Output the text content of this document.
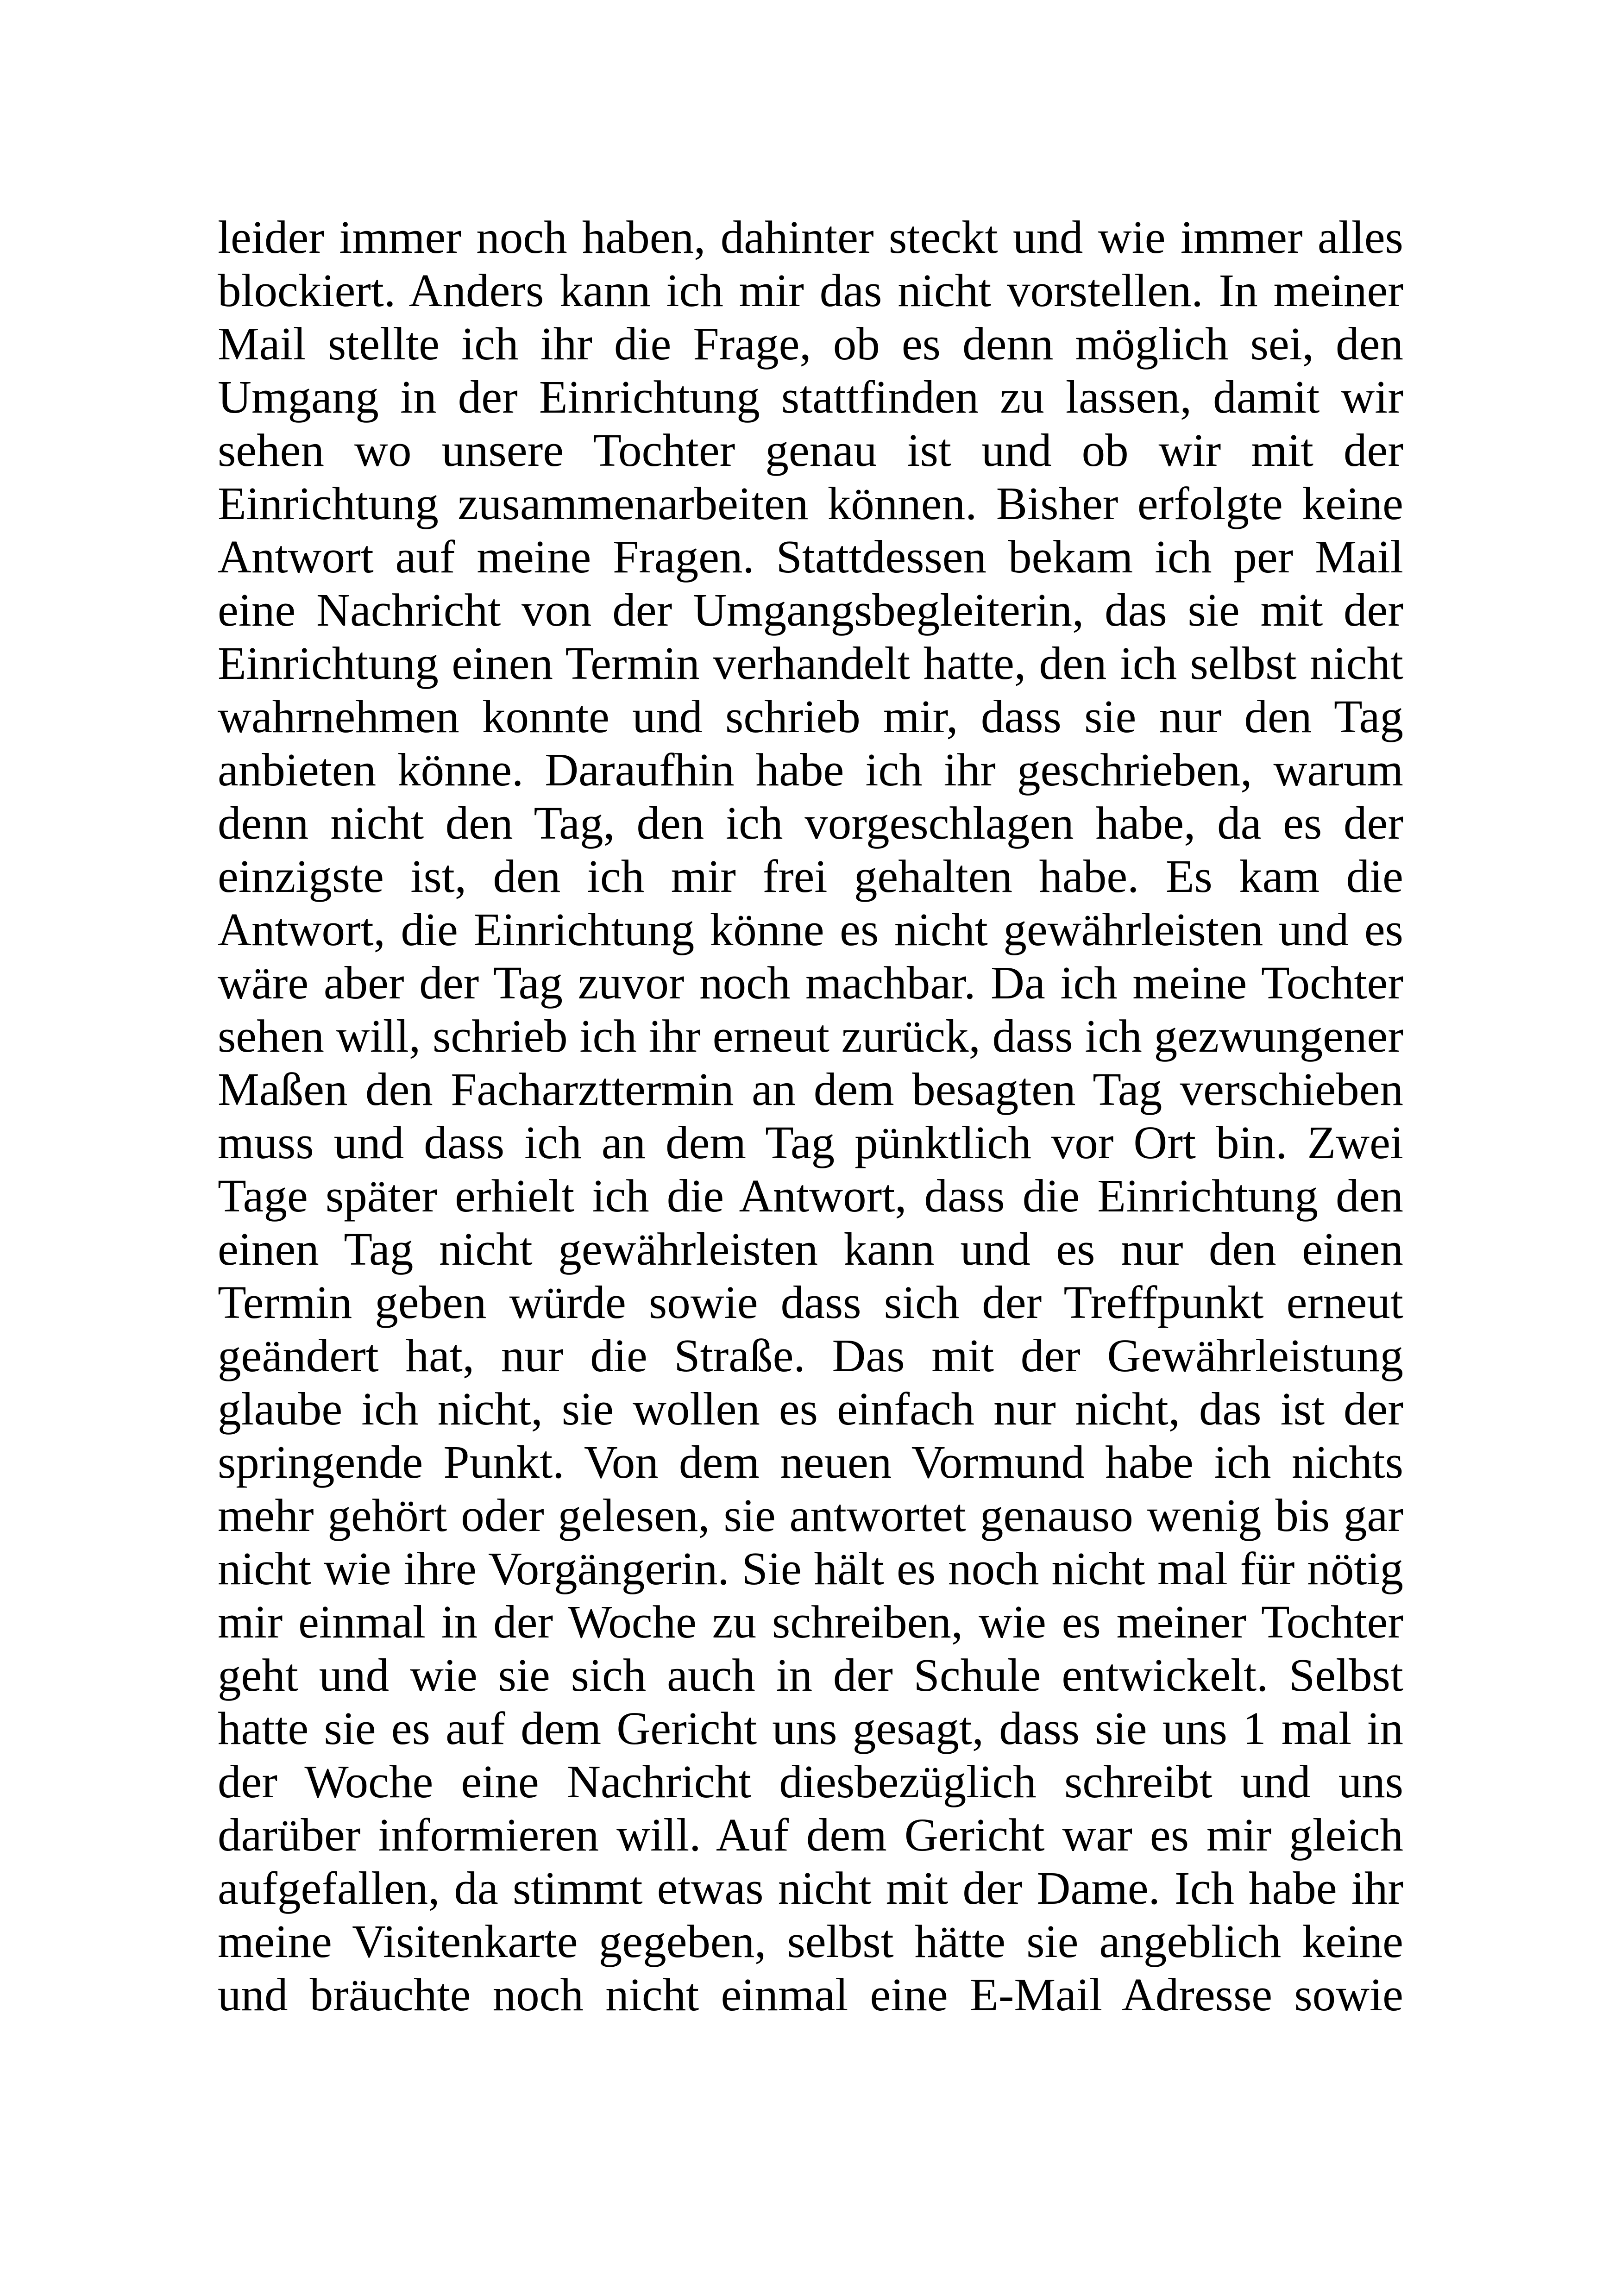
leider immer noch haben, dahinter steckt und wie immer alles
blockiert. Anders kann ich mir das nicht vorstellen. In meiner
Mail stellte ich ihr die Frage, ob es denn möglich sei, den
Umgang in der Einrichtung stattfinden zu lassen, damit wir
sehen wo unsere Tochter genau ist und ob wir mit der
Einrichtung zusammenarbeiten können. Bisher erfolgte keine
Antwort auf meine Fragen. Stattdessen bekam ich per Mail
eine Nachricht von der Umgangsbegleiterin, das sie mit der
Einrichtung einen Termin verhandelt hatte, den ich selbst nicht
wahrnehmen konnte und schrieb mir, dass sie nur den Tag
anbieten könne. Daraufhin habe ich ihr geschrieben, warum
denn nicht den Tag, den ich vorgeschlagen habe, da es der
einzigste ist, den ich mir frei gehalten habe. Es kam die
Antwort, die Einrichtung könne es nicht gewährleisten und es
wäre aber der Tag zuvor noch machbar. Da ich meine Tochter
sehen will, schrieb ich ihr erneut zurück, dass ich gezwungener
Maßen den Facharzttermin an dem besagten Tag verschieben
muss und dass ich an dem Tag pünktlich vor Ort bin. Zwei
Tage später erhielt ich die Antwort, dass die Einrichtung den
einen Tag nicht gewährleisten kann und es nur den einen
Termin geben würde sowie dass sich der Treffpunkt erneut
geändert hat, nur die Straße. Das mit der Gewährleistung
glaube ich nicht, sie wollen es einfach nur nicht, das ist der
springende Punkt. Von dem neuen Vormund habe ich nichts
mehr gehört oder gelesen, sie antwortet genauso wenig bis gar
nicht wie ihre Vorgängerin. Sie hält es noch nicht mal für nötig
mir einmal in der Woche zu schreiben, wie es meiner Tochter
geht und wie sie sich auch in der Schule entwickelt. Selbst
hatte sie es auf dem Gericht uns gesagt, dass sie uns 1 mal in
der Woche eine Nachricht diesbezüglich schreibt und uns
darüber informieren will. Auf dem Gericht war es mir gleich
aufgefallen, da stimmt etwas nicht mit der Dame. Ich habe ihr
meine Visitenkarte gegeben, selbst hätte sie angeblich keine
und bräuchte noch nicht einmal eine E-Mail Adresse sowie
